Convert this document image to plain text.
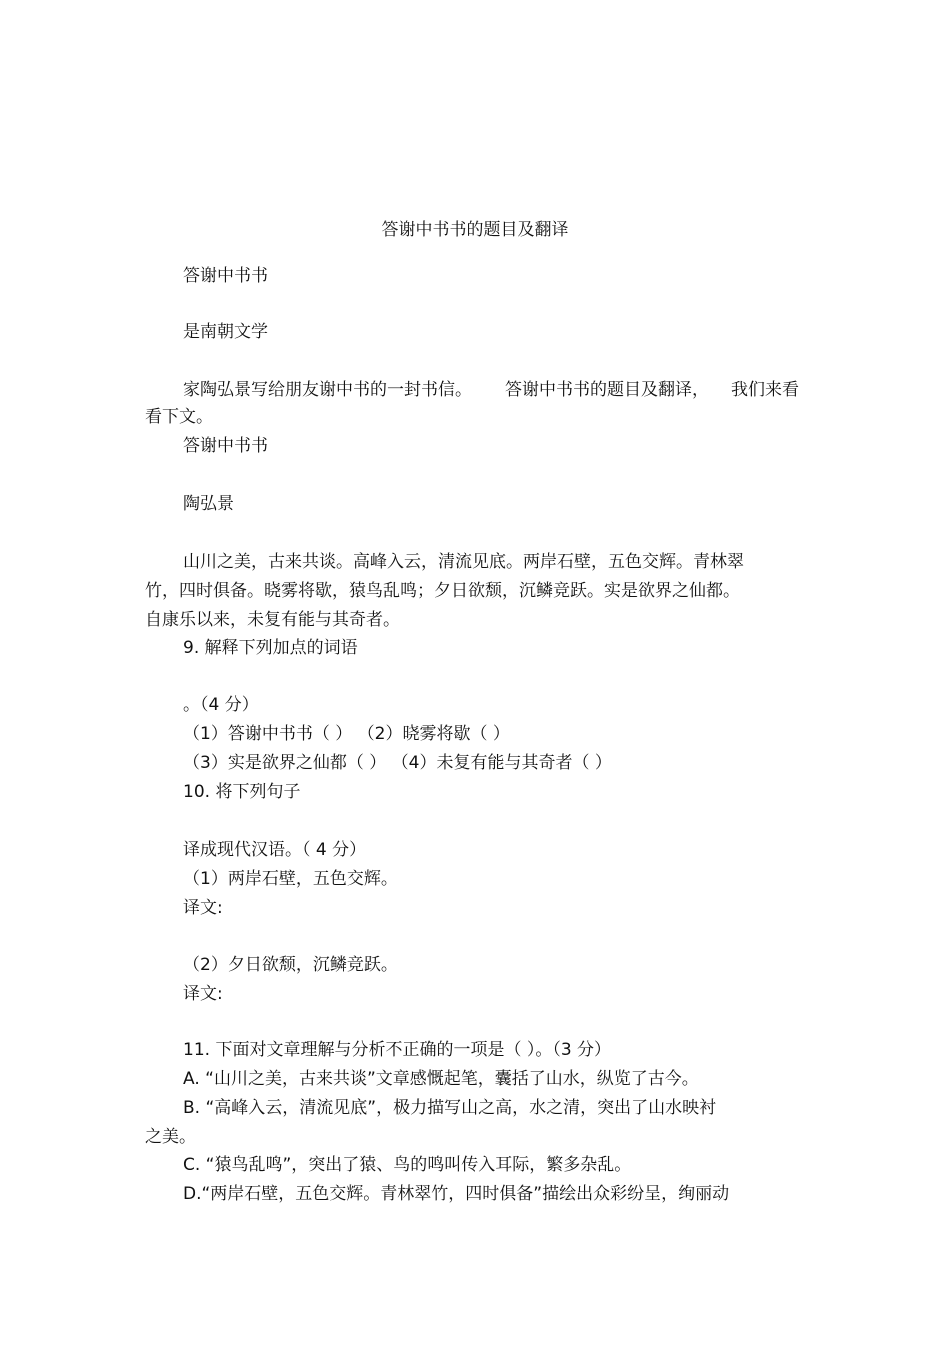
答谢中书书的题目及翻译
答谢中书书
是南朝文学
家陶弘景写给朋友谢中书的一封书信。 答谢中书书的题目及翻译， 我们来看
看下文。
答谢中书书
陶弘景
山川之美，古来共谈。高峰入云，清流见底。两岸石壁，五色交辉。青林翠
竹，四时俱备。晓雾将歇，猿鸟乱鸣；夕日欲颓，沉鳞竞跃。实是欲界之仙都。
自康乐以来，未复有能与其奇者。
9. 解释下列加点的词语
。（4 分）
（1）答谢中书书（ ） （2）晓雾将歇（ ）
（3）实是欲界之仙都（ ） （4）未复有能与其奇者（ ）
10. 将下列句子
译成现代汉语。（ 4 分）
（1）两岸石壁，五色交辉。
译文:
（2）夕日欲颓，沉鳞竞跃。
译文:
11. 下面对文章理解与分析不正确的一项是（ ）。（3 分）
A. “山川之美，古来共谈”文章感慨起笔，囊括了山水，纵览了古今。
B. “高峰入云，清流见底”，极力描写山之高，水之清，突出了山水映衬
之美。
C. “猿鸟乱鸣”，突出了猿、鸟的鸣叫传入耳际，繁多杂乱。
D.“两岸石壁，五色交辉。青林翠竹，四时俱备”描绘出众彩纷呈，绚丽动
